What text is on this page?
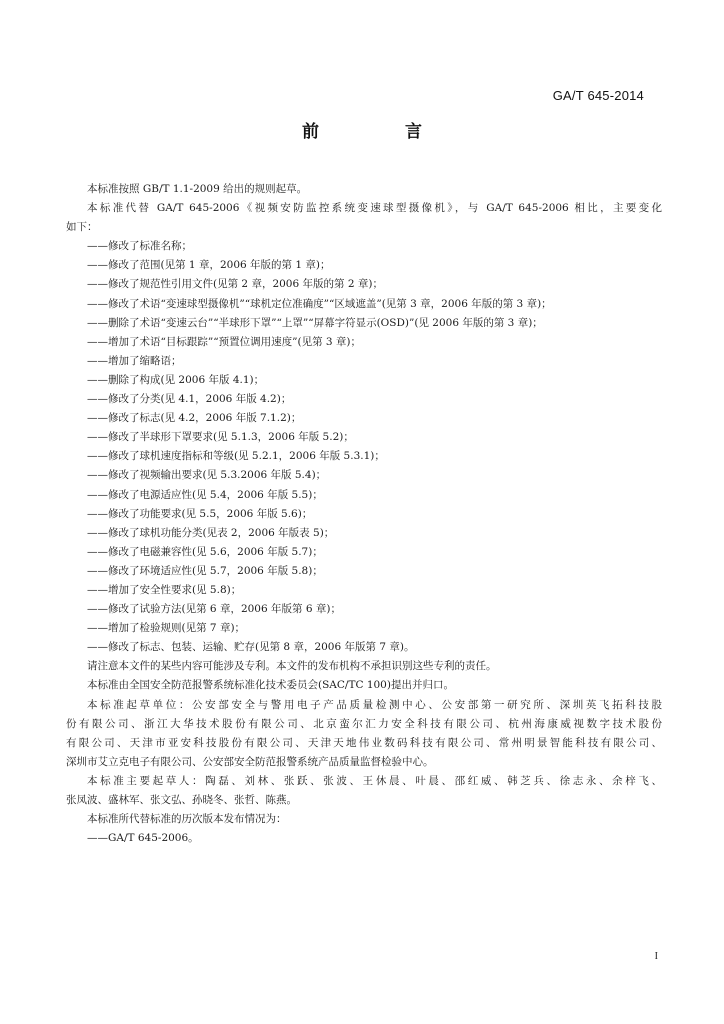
GA/T 645-2014
前 言

本标准按照 GB/T 1.1-2009 给出的规则起草。

本标准代替 GA/T 645-2006《视频安防监控系统变速球型摄像机》，与 GA/T 645-2006 相比，主要变化
如下：

——修改了标准名称；
——修改了范围(见第 1 章，2006 年版的第 1 章)；
——修改了规范性引用文件(见第 2 章，2006 年版的第 2 章)；
——修改了术语“变速球型摄像机”“球机定位准确度”“区域遮盖”(见第 3 章，2006 年版的第 3 章)；
——删除了术语“变速云台”“半球形下罩”“上罩”“屏幕字符显示(OSD)”(见 2006 年版的第 3 章)；
——增加了术语“目标跟踪”“预置位调用速度”(见第 3 章)；
——增加了缩略语；
——删除了构成(见 2006 年版 4.1)；
——修改了分类(见 4.1，2006 年版 4.2)；
——修改了标志(见 4.2，2006 年版 7.1.2)；
——修改了半球形下罩要求(见 5.1.3，2006 年版 5.2)；
——修改了球机速度指标和等级(见 5.2.1，2006 年版 5.3.1)；
——修改了视频输出要求(见 5.3.2006 年版 5.4)；
——修改了电源适应性(见 5.4，2006 年版 5.5)；
——修改了功能要求(见 5.5，2006 年版 5.6)；
——修改了球机功能分类(见表 2，2006 年版表 5)；
——修改了电磁兼容性(见 5.6，2006 年版 5.7)；
——修改了环境适应性(见 5.7，2006 年版 5.8)；
——增加了安全性要求(见 5.8)；
——修改了试验方法(见第 6 章，2006 年版第 6 章)；
——增加了检验规则(见第 7 章)；
——修改了标志、包装、运输、贮存(见第 8 章，2006 年版第 7 章)。

请注意本文件的某些内容可能涉及专利。本文件的发布机构不承担识别这些专利的责任。

本标准由全国安全防范报警系统标准化技术委员会(SAC/TC 100)提出并归口。

本标准起草单位：公安部安全与警用电子产品质量检测中心、公安部第一研究所、深圳英飞拓科技股
份有限公司、浙江大华技术股份有限公司、北京蛮尔汇力安全科技有限公司、杭州海康威视数字技术股份
有限公司、天津市亚安科技股份有限公司、天津天地伟业数码科技有限公司、常州明景智能科技有限公司、
深圳市艾立克电子有限公司、公安部安全防范报警系统产品质量监督检验中心。

本标准主要起草人：陶磊、刘林、张跃、张波、王休晨、叶晨、邵红威、韩芝兵、徐志永、余梓飞、
张凤波、盛林军、张文弘、孙晓冬、张哲、陈燕。

本标准所代替标准的历次版本发布情况为：

——GA/T 645-2006。
I
